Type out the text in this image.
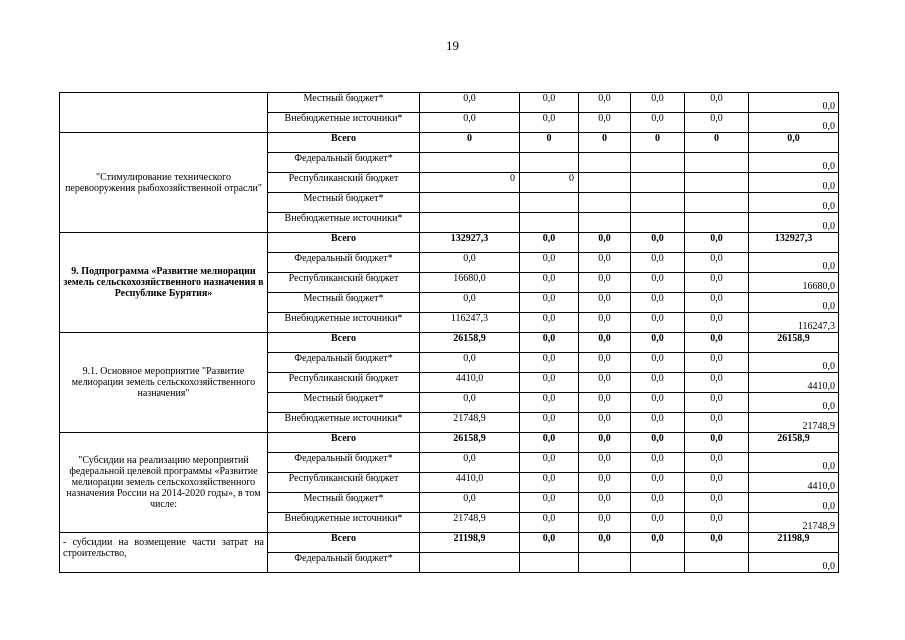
19
	Местный бюджет*	0,0	0,0	0,0	0,0	0,0	0,0
	Внебюджетные источники*	0,0	0,0	0,0	0,0	0,0	0,0
"Стимулирование технического перевооружения рыбохозяйственной отрасли"	Всего	0	0	0	0	0	0,0
	Федеральный бюджет*						0,0
	Республиканский бюджет	0	0				0,0
	Местный бюджет*						0,0
	Внебюджетные источники*						0,0
9. Подпрограмма «Развитие мелиорации земель сельскохозяйственного назначения в Республике Бурятия»	Всего	132927,3	0,0	0,0	0,0	0,0	132927,3
	Федеральный бюджет*	0,0	0,0	0,0	0,0	0,0	0,0
	Республиканский бюджет	16680,0	0,0	0,0	0,0	0,0	16680,0
	Местный бюджет*	0,0	0,0	0,0	0,0	0,0	0,0
	Внебюджетные источники*	116247,3	0,0	0,0	0,0	0,0	116247,3
9.1. Основное мероприятие "Развитие мелиорации земель сельскохозяйственного назначения"	Всего	26158,9	0,0	0,0	0,0	0,0	26158,9
	Федеральный бюджет*	0,0	0,0	0,0	0,0	0,0	0,0
	Республиканский бюджет	4410,0	0,0	0,0	0,0	0,0	4410,0
	Местный бюджет*	0,0	0,0	0,0	0,0	0,0	0,0
	Внебюджетные источники*	21748,9	0,0	0,0	0,0	0,0	21748,9
"Субсидии на реализацию мероприятий федеральной целевой программы «Развитие мелиорации земель сельскохозяйственного назначения России на 2014-2020 годы», в том числе:	Всего	26158,9	0,0	0,0	0,0	0,0	26158,9
	Федеральный бюджет*	0,0	0,0	0,0	0,0	0,0	0,0
	Республиканский бюджет	4410,0	0,0	0,0	0,0	0,0	4410,0
	Местный бюджет*	0,0	0,0	0,0	0,0	0,0	0,0
	Внебюджетные источники*	21748,9	0,0	0,0	0,0	0,0	21748,9
- субсидии на возмещение части затрат на строительство,	Всего	21198,9	0,0	0,0	0,0	0,0	21198,9
	Федеральный бюджет*						0,0
